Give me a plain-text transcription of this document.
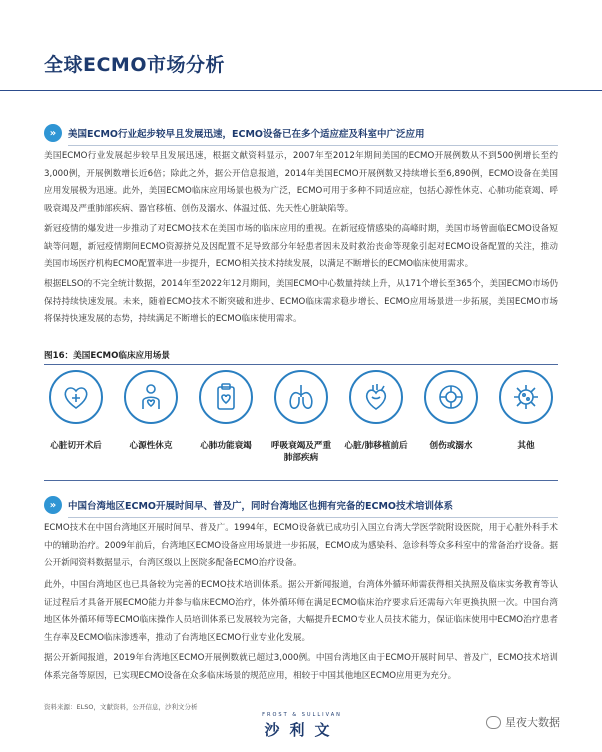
全球ECMO市场分析
»	美国ECMO行业起步较早且发展迅速，ECMO设备已在多个适应症及科室中广泛应用

美国ECMO行业发展起步较早且发展迅速，根据文献资料显示，2007年至2012年期间美国的ECMO开展例数从不到500例增长至约3,000例，开展例数增长近6倍；除此之外，据公开信息报道，2014年美国ECMO开展例数又持续增长至6,890例，ECMO设备在美国应用发展极为迅速。此外，美国ECMO临床应用场景也极为广泛，ECMO可用于多种不同适应症，包括心源性休克、心肺功能衰竭、呼吸衰竭及严重肺部疾病、器官移植、创伤及溺水、体温过低、先天性心脏缺陷等。

新冠疫情的爆发进一步推动了对ECMO技术在美国市场的临床应用的重视。在新冠疫情感染的高峰时期，美国市场曾面临ECMO设备短缺等问题，新冠疫情期间ECMO资源挤兑及因配置不足导致部分年轻患者因未及时救治丧命等现象引起对ECMO设备配置的关注，推动美国市场医疗机构ECMO配置率进一步提升，ECMO相关技术持续发展，以满足不断增长的ECMO临床使用需求。

根据ELSO的不完全统计数据，2014年至2022年12月期间，美国ECMO中心数量持续上升，从171个增长至365个，美国ECMO市场仍保持持续快速发展。未来，随着ECMO技术不断突破和进步、ECMO临床需求稳步增长、ECMO应用场景进一步拓展，美国ECMO市场将保持快速发展的态势，持续满足不断增长的ECMO临床使用需求。

图16：美国ECMO临床应用场景
心脏切开术后	心源性休克	心肺功能衰竭	呼吸衰竭及严重肺部疾病
心脏/肺移植前后	创伤或溺水	其他
»	中国台湾地区ECMO开展时间早、普及广，同时台湾地区也拥有完备的ECMO技术培训体系

ECMO技术在中国台湾地区开展时间早、普及广。1994年，ECMO设备就已成功引入国立台湾大学医学院附设医院，用于心脏外科手术中的辅助治疗。2009年前后，台湾地区ECMO设备应用场景进一步拓展，ECMO成为感染科、急诊科等众多科室中的常备治疗设备。据公开新闻资料数据显示，台湾区级以上医院多配备ECMO治疗设备。

此外，中国台湾地区也已具备较为完善的ECMO技术培训体系。据公开新闻报道，台湾体外循环师需获得相关执照及临床实务教育等认证过程后才具备开展ECMO能力并参与临床ECMO治疗，体外循环师在满足ECMO临床治疗要求后还需每六年更换执照一次。中国台湾地区体外循环师等ECMO临床操作人员培训体系已发展较为完备，大幅提升ECMO专业人员技术能力，保证临床使用中ECMO治疗患者生存率及ECMO临床渗透率，推动了台湾地区ECMO行业专业化发展。

据公开新闻报道，2019年台湾地区ECMO开展例数就已超过3,000例。中国台湾地区由于ECMO开展时间早、普及广，ECMO技术培训体系完备等原因，已实现ECMO设备在众多临床场景的规范应用，相较于中国其他地区ECMO应用更为充分。

资料来源：ELSO，文献资料，公开信息，沙利文分析
FROST & SULLIVAN
沙利文	星夜大数据
